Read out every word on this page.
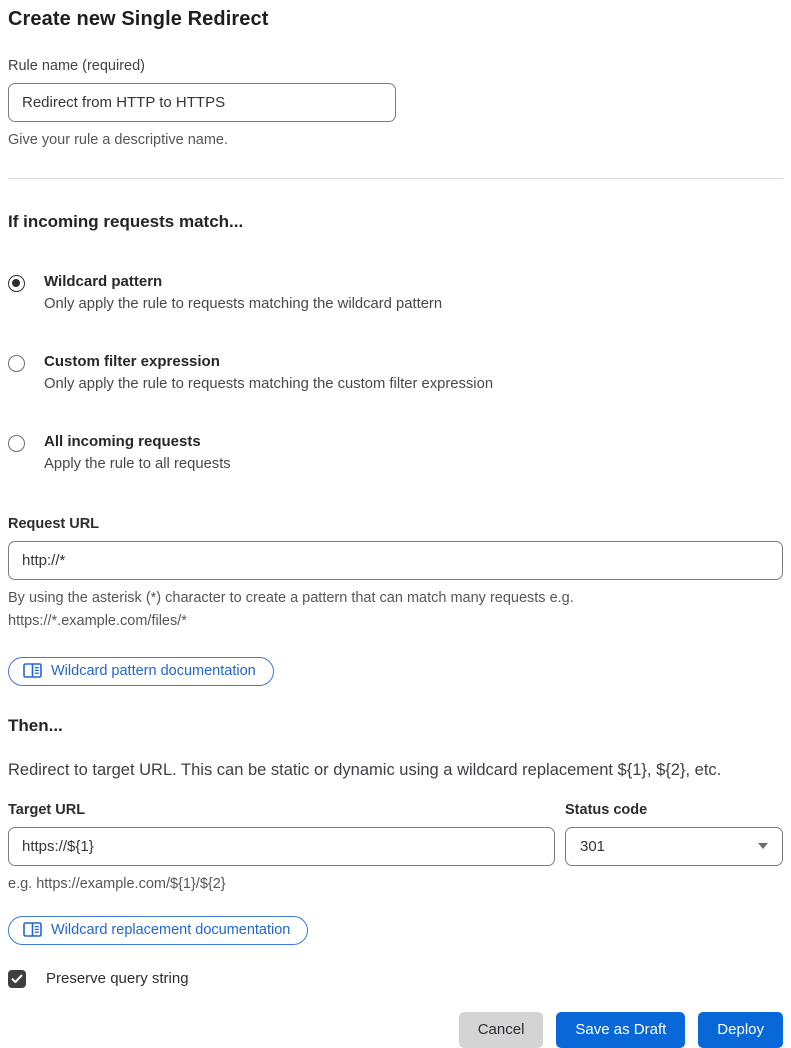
Create new Single Redirect
Rule name (required)
Redirect from HTTP to HTTPS
Give your rule a descriptive name.
If incoming requests match...
Wildcard pattern
Only apply the rule to requests matching the wildcard pattern
Custom filter expression
Only apply the rule to requests matching the custom filter expression
All incoming requests
Apply the rule to all requests
Request URL
http://*
By using the asterisk (*) character to create a pattern that can match many requests e.g.
https://*.example.com/files/*
Wildcard pattern documentation
Then...

Redirect to target URL. This can be static or dynamic using a wildcard replacement ${1}, ${2}, etc.

Target URL
https://${1}
e.g. https://example.com/${1}/${2}
Status code
301
Wildcard replacement documentation
Preserve query string
Cancel	Save as Draft	Deploy
